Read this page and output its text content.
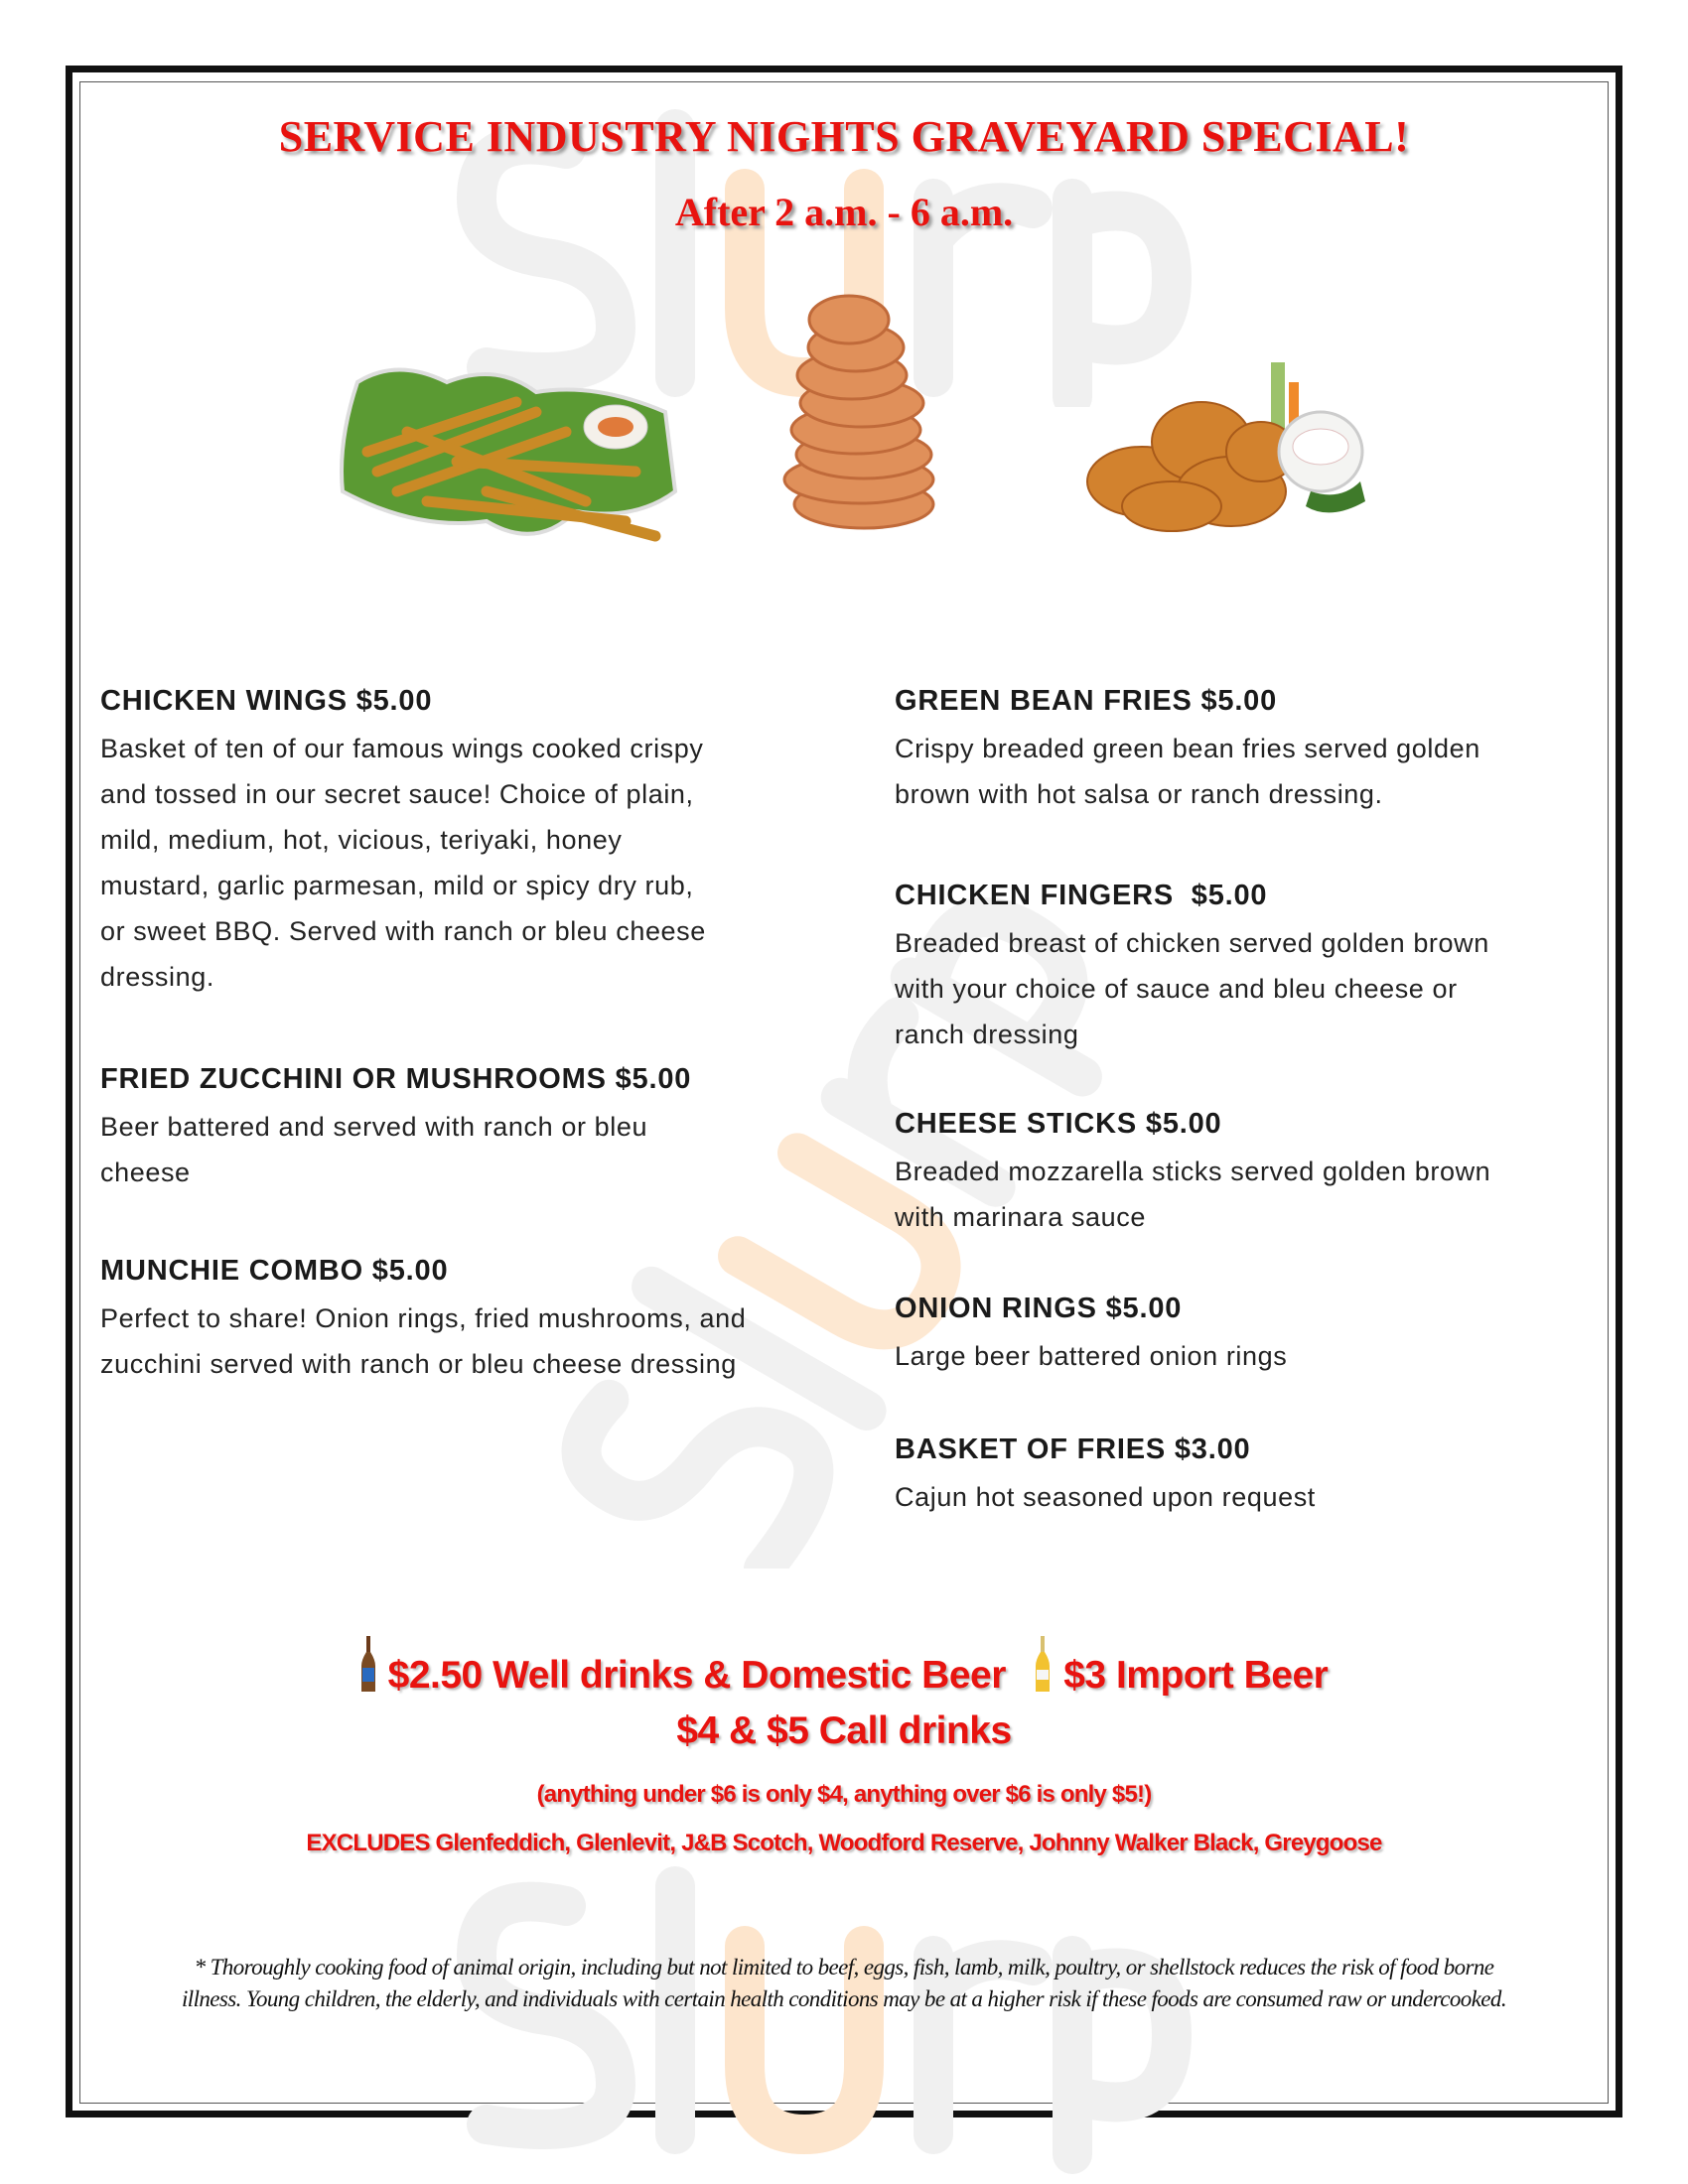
SERVICE INDUSTRY NIGHTS GRAVEYARD SPECIAL!
After 2 a.m. - 6 a.m.
CHICKEN WINGS $5.00
Basket of ten of our famous wings cooked crispy
and tossed in our secret sauce! Choice of plain,
mild, medium, hot, vicious, teriyaki, honey
mustard, garlic parmesan, mild or spicy dry rub,
or sweet BBQ. Served with ranch or bleu cheese
dressing.
FRIED ZUCCHINI OR MUSHROOMS $5.00
Beer battered and served with ranch or bleu
cheese
MUNCHIE COMBO $5.00
Perfect to share! Onion rings, fried mushrooms, and
zucchini served with ranch or bleu cheese dressing
GREEN BEAN FRIES $5.00
Crispy breaded green bean fries served golden
brown with hot salsa or ranch dressing.
CHICKEN FINGERS  $5.00
Breaded breast of chicken served golden brown
with your choice of sauce and bleu cheese or
ranch dressing
CHEESE STICKS $5.00
Breaded mozzarella sticks served golden brown
with marinara sauce
ONION RINGS $5.00
Large beer battered onion rings
BASKET OF FRIES $3.00
Cajun hot seasoned upon request
$2.50 Well drinks & Domestic Beer $3 Import Beer
$4 & $5 Call drinks
(anything under $6 is only $4, anything over $6 is only $5!)
EXCLUDES Glenfeddich, Glenlevit, J&B Scotch, Woodford Reserve, Johnny Walker Black, Greygoose
* Thoroughly cooking food of animal origin, including but not limited to beef, eggs, fish, lamb, milk, poultry, or shellstock reduces the risk of food borne
illness. Young children, the elderly, and individuals with certain health conditions may be at a higher risk if these foods are consumed raw or undercooked.
